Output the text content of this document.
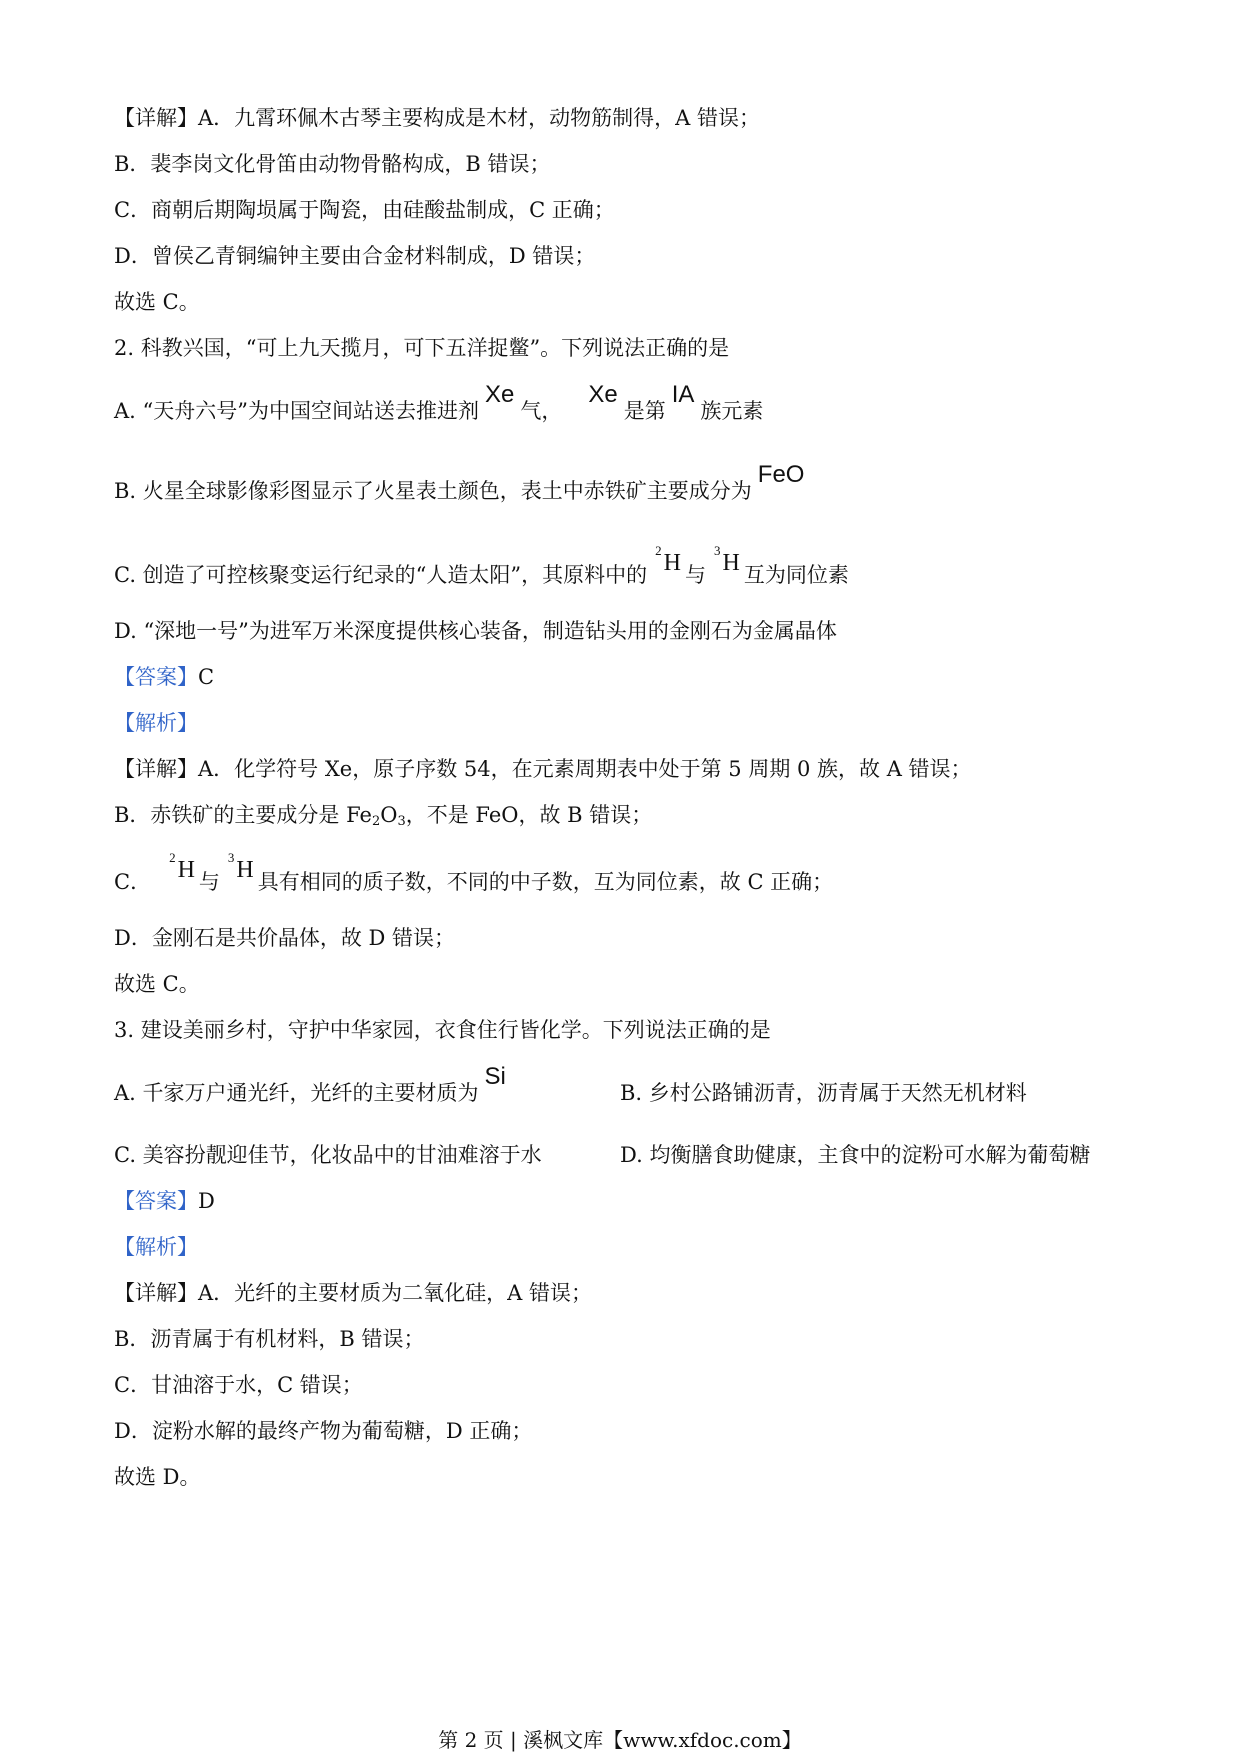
【详解】A．九霄环佩木古琴主要构成是木材，动物筋制得，A 错误；
B．裴李岗文化骨笛由动物骨骼构成，B 错误；
C．商朝后期陶埙属于陶瓷，由硅酸盐制成，C 正确；
D．曾侯乙青铜编钟主要由合金材料制成，D 错误；
故选 C。
2. 科教兴国，“可上九天揽月，可下五洋捉鳖”。下列说法正确的是
A. “天舟六号”为中国空间站送去推进剂Xe气，Xe是第IA族元素
B. 火星全球影像彩图显示了火星表土颜色，表土中赤铁矿主要成分为FeO
C. 创造了可控核聚变运行纪录的“人造太阳”，其原料中的$^2$H 与$^3$H 互为同位素
D. “深地一号”为进军万米深度提供核心装备，制造钻头用的金刚石为金属晶体
【答案】C
【解析】
【详解】A．化学符号 Xe，原子序数 54，在元素周期表中处于第 5 周期 0 族，故 A 错误；
B．赤铁矿的主要成分是 $Fe_2O_3$，不是 FeO，故 B 错误；
C．$^2$H 与$^3$H 具有相同的质子数，不同的中子数，互为同位素，故 C 正确；
D．金刚石是共价晶体，故 D 错误；
故选 C。
3. 建设美丽乡村，守护中华家园，衣食住行皆化学。下列说法正确的是
A. 千家万户通光纤，光纤的主要材质为Si
B. 乡村公路铺沥青，沥青属于天然无机材料
C. 美容扮靓迎佳节，化妆品中的甘油难溶于水	D. 均衡膳食助健康，主食中的淀粉可水解为葡萄糖
【答案】D
【解析】
【详解】A．光纤的主要材质为二氧化硅，A 错误；
B．沥青属于有机材料，B 错误；
C．甘油溶于水，C 错误；
D．淀粉水解的最终产物为葡萄糖，D 正确；
故选 D。
第 2 页 | 溪枫文库【www.xfdoc.com】
